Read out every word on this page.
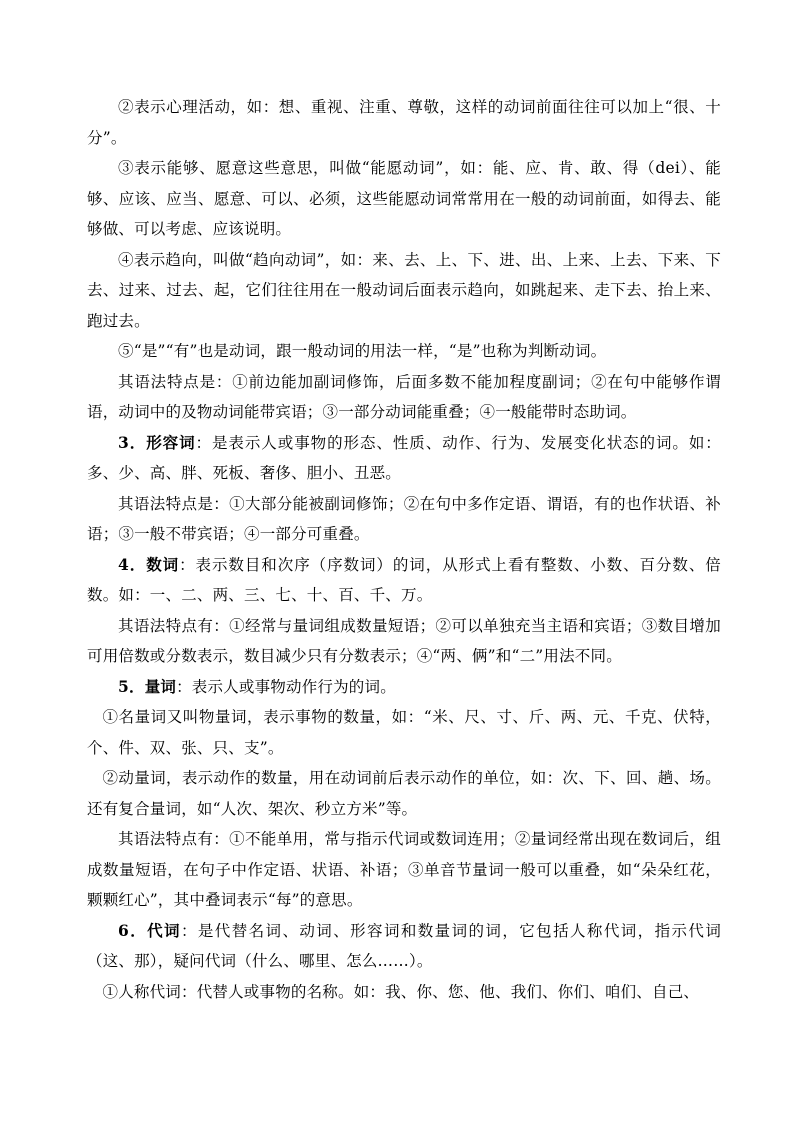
②表示心理活动，如：想、重视、注重、尊敬，这样的动词前面往往可以加上“很、十分”。

③表示能够、愿意这些意思，叫做“能愿动词”，如：能、应、肯、敢、得（dei）、能够、应该、应当、愿意、可以、必须，这些能愿动词常常用在一般的动词前面，如得去、能够做、可以考虑、应该说明。

④表示趋向，叫做“趋向动词”，如：来、去、上、下、进、出、上来、上去、下来、下去、过来、过去、起，它们往往用在一般动词后面表示趋向，如跳起来、走下去、抬上来、跑过去。

⑤“是”“有”也是动词，跟一般动词的用法一样，“是”也称为判断动词。

其语法特点是：①前边能加副词修饰，后面多数不能加程度副词；②在句中能够作谓语，动词中的及物动词能带宾语；③一部分动词能重叠；④一般能带时态助词。

3．形容词：是表示人或事物的形态、性质、动作、行为、发展变化状态的词。如：多、少、高、胖、死板、奢侈、胆小、丑恶。

其语法特点是：①大部分能被副词修饰；②在句中多作定语、谓语，有的也作状语、补语；③一般不带宾语；④一部分可重叠。

4．数词：表示数目和次序（序数词）的词，从形式上看有整数、小数、百分数、倍数。如：一、二、两、三、七、十、百、千、万。

其语法特点有：①经常与量词组成数量短语；②可以单独充当主语和宾语；③数目增加可用倍数或分数表示，数目减少只有分数表示；④“两、俩”和“二”用法不同。

5．量词：表示人或事物动作行为的词。

①名量词又叫物量词，表示事物的数量，如：“米、尺、寸、斤、两、元、千克、伏特，个、件、双、张、只、支”。

②动量词，表示动作的数量，用在动词前后表示动作的单位，如：次、下、回、趟、场。还有复合量词，如“人次、架次、秒立方米”等。

其语法特点有：①不能单用，常与指示代词或数词连用；②量词经常出现在数词后，组成数量短语，在句子中作定语、状语、补语；③单音节量词一般可以重叠，如“朵朵红花，颗颗红心”，其中叠词表示“每”的意思。

6．代词：是代替名词、动词、形容词和数量词的词，它包括人称代词，指示代词（这、那），疑问代词（什么、哪里、怎么……）。

①人称代词：代替人或事物的名称。如：我、你、您、他、我们、你们、咱们、自己、
